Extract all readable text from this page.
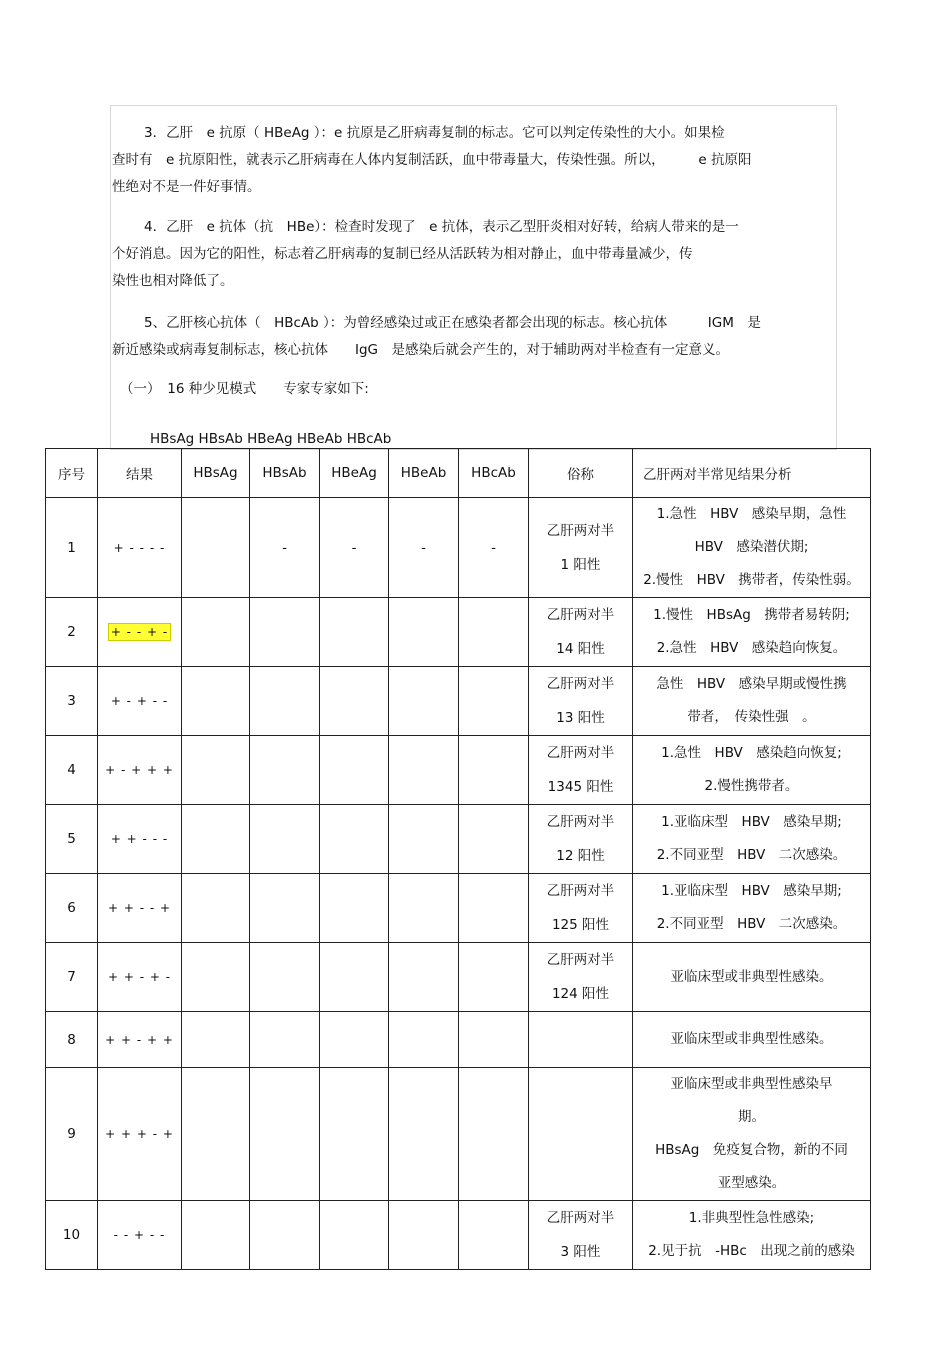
3．乙肝　e 抗原（ HBeAg ）：e 抗原是乙肝病毒复制的标志。它可以判定传染性的大小。如果检
查时有　e 抗原阳性，就表示乙肝病毒在人体内复制活跃，血中带毒量大，传染性强。所以，　　　e 抗原阳
性绝对不是一件好事情。
4．乙肝　e 抗体（抗　HBe）：检查时发现了　e 抗体，表示乙型肝炎相对好转，给病人带来的是一
个好消息。因为它的阳性，标志着乙肝病毒的复制已经从活跃转为相对静止，血中带毒量减少，传
染性也相对降低了。
5、乙肝核心抗体（　HBcAb ）：为曾经感染过或正在感染者都会出现的标志。核心抗体　　　IGM　是
新近感染或病毒复制标志，核心抗体　　IgG　是感染后就会产生的，对于辅助两对半检查有一定意义。
（一）　16 种少见模式　　专家专家如下:
HBsAg HBsAb HBeAg HBeAb HBcAb
序号	结果	HBsAg	HBsAb	HBeAg	HBeAb	HBcAb	俗称	乙肝两对半常见结果分析
1	+ - - - -		-	-	-	-	乙肝两对半
1 阳性	1.急性　HBV　感染早期，急性
HBV　感染潜伏期;
2.慢性　HBV　携带者，传染性弱。

2	+ - - + -						乙肝两对半
14 阳性	1.慢性　HBsAg　携带者易转阴;
2.急性　HBV　感染趋向恢复。

3	+ - + - -						乙肝两对半
13 阳性	急性　HBV　感染早期或慢性携
带者，　传染性强　。

4	+ - + + +						乙肝两对半
1345 阳性	1.急性　HBV　感染趋向恢复;
2.慢性携带者。

5	+ + - - -						乙肝两对半
12 阳性	1.亚临床型　HBV　感染早期;
2.不同亚型　HBV　二次感染。

6	+ + - - +						乙肝两对半
125 阳性	1.亚临床型　HBV　感染早期;
2.不同亚型　HBV　二次感染。

7	+ + - + -						乙肝两对半
124 阳性	亚临床型或非典型性感染。

8	+ + - + +							亚临床型或非典型性感染。

9	+ + + - +							亚临床型或非典型性感染早
期。
HBsAg　免疫复合物，新的不同
亚型感染。

10	- - + - -						乙肝两对半
3 阳性	1.非典型性急性感染;
2.见于抗　-HBc　出现之前的感染
